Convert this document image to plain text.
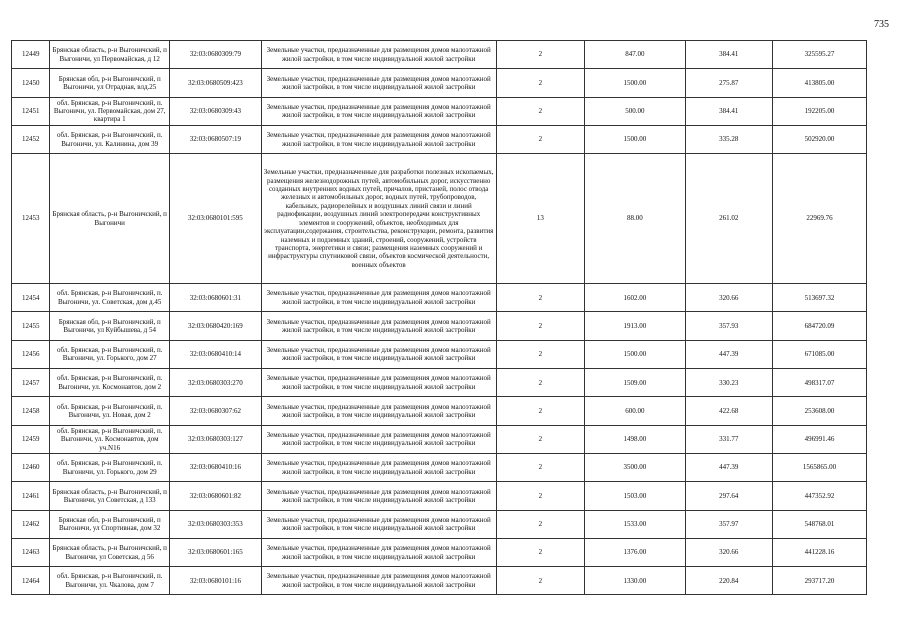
735
12449	Брянская область, р-н Выгоничский, п Выгоничи, ул Первомайская, д 12	32:03:0680309:79	Земельные участки, предназначенные для размещения домов малоэтажной жилой застройки, в том числе индивидуальной жилой застройки	2	847.00	384.41	325595.27
12450	Брянская обл, р-н Выгоничский, п Выгоничи, ул Отрадная, влд.25	32:03:0680509:423	Земельные участки, предназначенные для размещения домов малоэтажной жилой застройки, в том числе индивидуальной жилой застройки	2	1500.00	275.87	413805.00
12451	обл. Брянская, р-н Выгоничский, п. Выгоничи, ул. Первомайская, дом 27, квартира 1	32:03:0680309:43	Земельные участки, предназначенные для размещения домов малоэтажной жилой застройки, в том числе индивидуальной жилой застройки	2	500.00	384.41	192205.00
12452	обл. Брянская, р-н Выгоничский, п. Выгоничи, ул. Калинина, дом 39	32:03:0680507:19	Земельные участки, предназначенные для размещения домов малоэтажной жилой застройки, в том числе индивидуальной жилой застройки	2	1500.00	335.28	502920.00
12453	Брянская область, р-н Выгоничский, п Выгоничи	32:03:0680101:595	Земельные участки, предназначенные для разработки полезных ископаемых, размещения железнодорожных путей, автомобильных дорог, искусственно созданных внутренних водных путей, причалов, пристаней, полос отвода железных и автомобильных дорог, водных путей, трубопроводов, кабельных, радиорелейных и воздушных линий связи и линий радиофикации, воздушных линий электропередачи конструктивных элементов и сооружений, объектов, необходимых для эксплуатации,содержания, строительства, реконструкции, ремонта, развития наземных и подземных зданий, строений, сооружений, устройств транспорта, энергетики и связи; размещения наземных сооружений и инфраструктуры спутниковой связи, объектов космической деятельности, военных объектов	13	88.00	261.02	22969.76
12454	обл. Брянская, р-н Выгоничский, п. Выгоничи, ул. Советская, дом д.45	32:03:0680601:31	Земельные участки, предназначенные для размещения домов малоэтажной жилой застройки, в том числе индивидуальной жилой застройки	2	1602.00	320.66	513697.32
12455	Брянская обл, р-н Выгоничский, п Выгоничи, ул Куйбышева, д 54	32:03:0680420:169	Земельные участки, предназначенные для размещения домов малоэтажной жилой застройки, в том числе индивидуальной жилой застройки	2	1913.00	357.93	684720.09
12456	обл. Брянская, р-н Выгоничский, п. Выгоничи, ул. Горького, дом 27	32:03:0680410:14	Земельные участки, предназначенные для размещения домов малоэтажной жилой застройки, в том числе индивидуальной жилой застройки	2	1500.00	447.39	671085.00
12457	обл. Брянская, р-н Выгоничский, п. Выгоничи, ул. Космонавтов, дом 2	32:03:0680303:270	Земельные участки, предназначенные для размещения домов малоэтажной жилой застройки, в том числе индивидуальной жилой застройки	2	1509.00	330.23	498317.07
12458	обл. Брянская, р-н Выгоничский, п. Выгоничи, ул. Новая, дом 2	32:03:0680307:62	Земельные участки, предназначенные для размещения домов малоэтажной жилой застройки, в том числе индивидуальной жилой застройки	2	600.00	422.68	253608.00
12459	обл. Брянская, р-н Выгоничский, п. Выгоничи, ул. Космонавтов, дом уч.N16	32:03:0680303:127	Земельные участки, предназначенные для размещения домов малоэтажной жилой застройки, в том числе индивидуальной жилой застройки	2	1498.00	331.77	496991.46
12460	обл. Брянская, р-н Выгоничский, п. Выгоничи, ул. Горького, дом 29	32:03:0680410:16	Земельные участки, предназначенные для размещения домов малоэтажной жилой застройки, в том числе индивидуальной жилой застройки	2	3500.00	447.39	1565865.00
12461	Брянская область, р-н Выгоничский, п Выгоничи, ул Советская, д 133	32:03:0680601:82	Земельные участки, предназначенные для размещения домов малоэтажной жилой застройки, в том числе индивидуальной жилой застройки	2	1503.00	297.64	447352.92
12462	Брянская обл, р-н Выгоничский, п Выгоничи, ул Спортивная, дом 32	32:03:0680303:353	Земельные участки, предназначенные для размещения домов малоэтажной жилой застройки, в том числе индивидуальной жилой застройки	2	1533.00	357.97	548768.01
12463	Брянская область, р-н Выгоничский, п Выгоничи, ул Советская, д 56	32:03:0680601:165	Земельные участки, предназначенные для размещения домов малоэтажной жилой застройки, в том числе индивидуальной жилой застройки	2	1376.00	320.66	441228.16
12464	обл. Брянская, р-н Выгоничский, п. Выгоничи, ул. Чкалова, дом 7	32:03:0680101:16	Земельные участки, предназначенные для размещения домов малоэтажной жилой застройки, в том числе индивидуальной жилой застройки	2	1330.00	220.84	293717.20
